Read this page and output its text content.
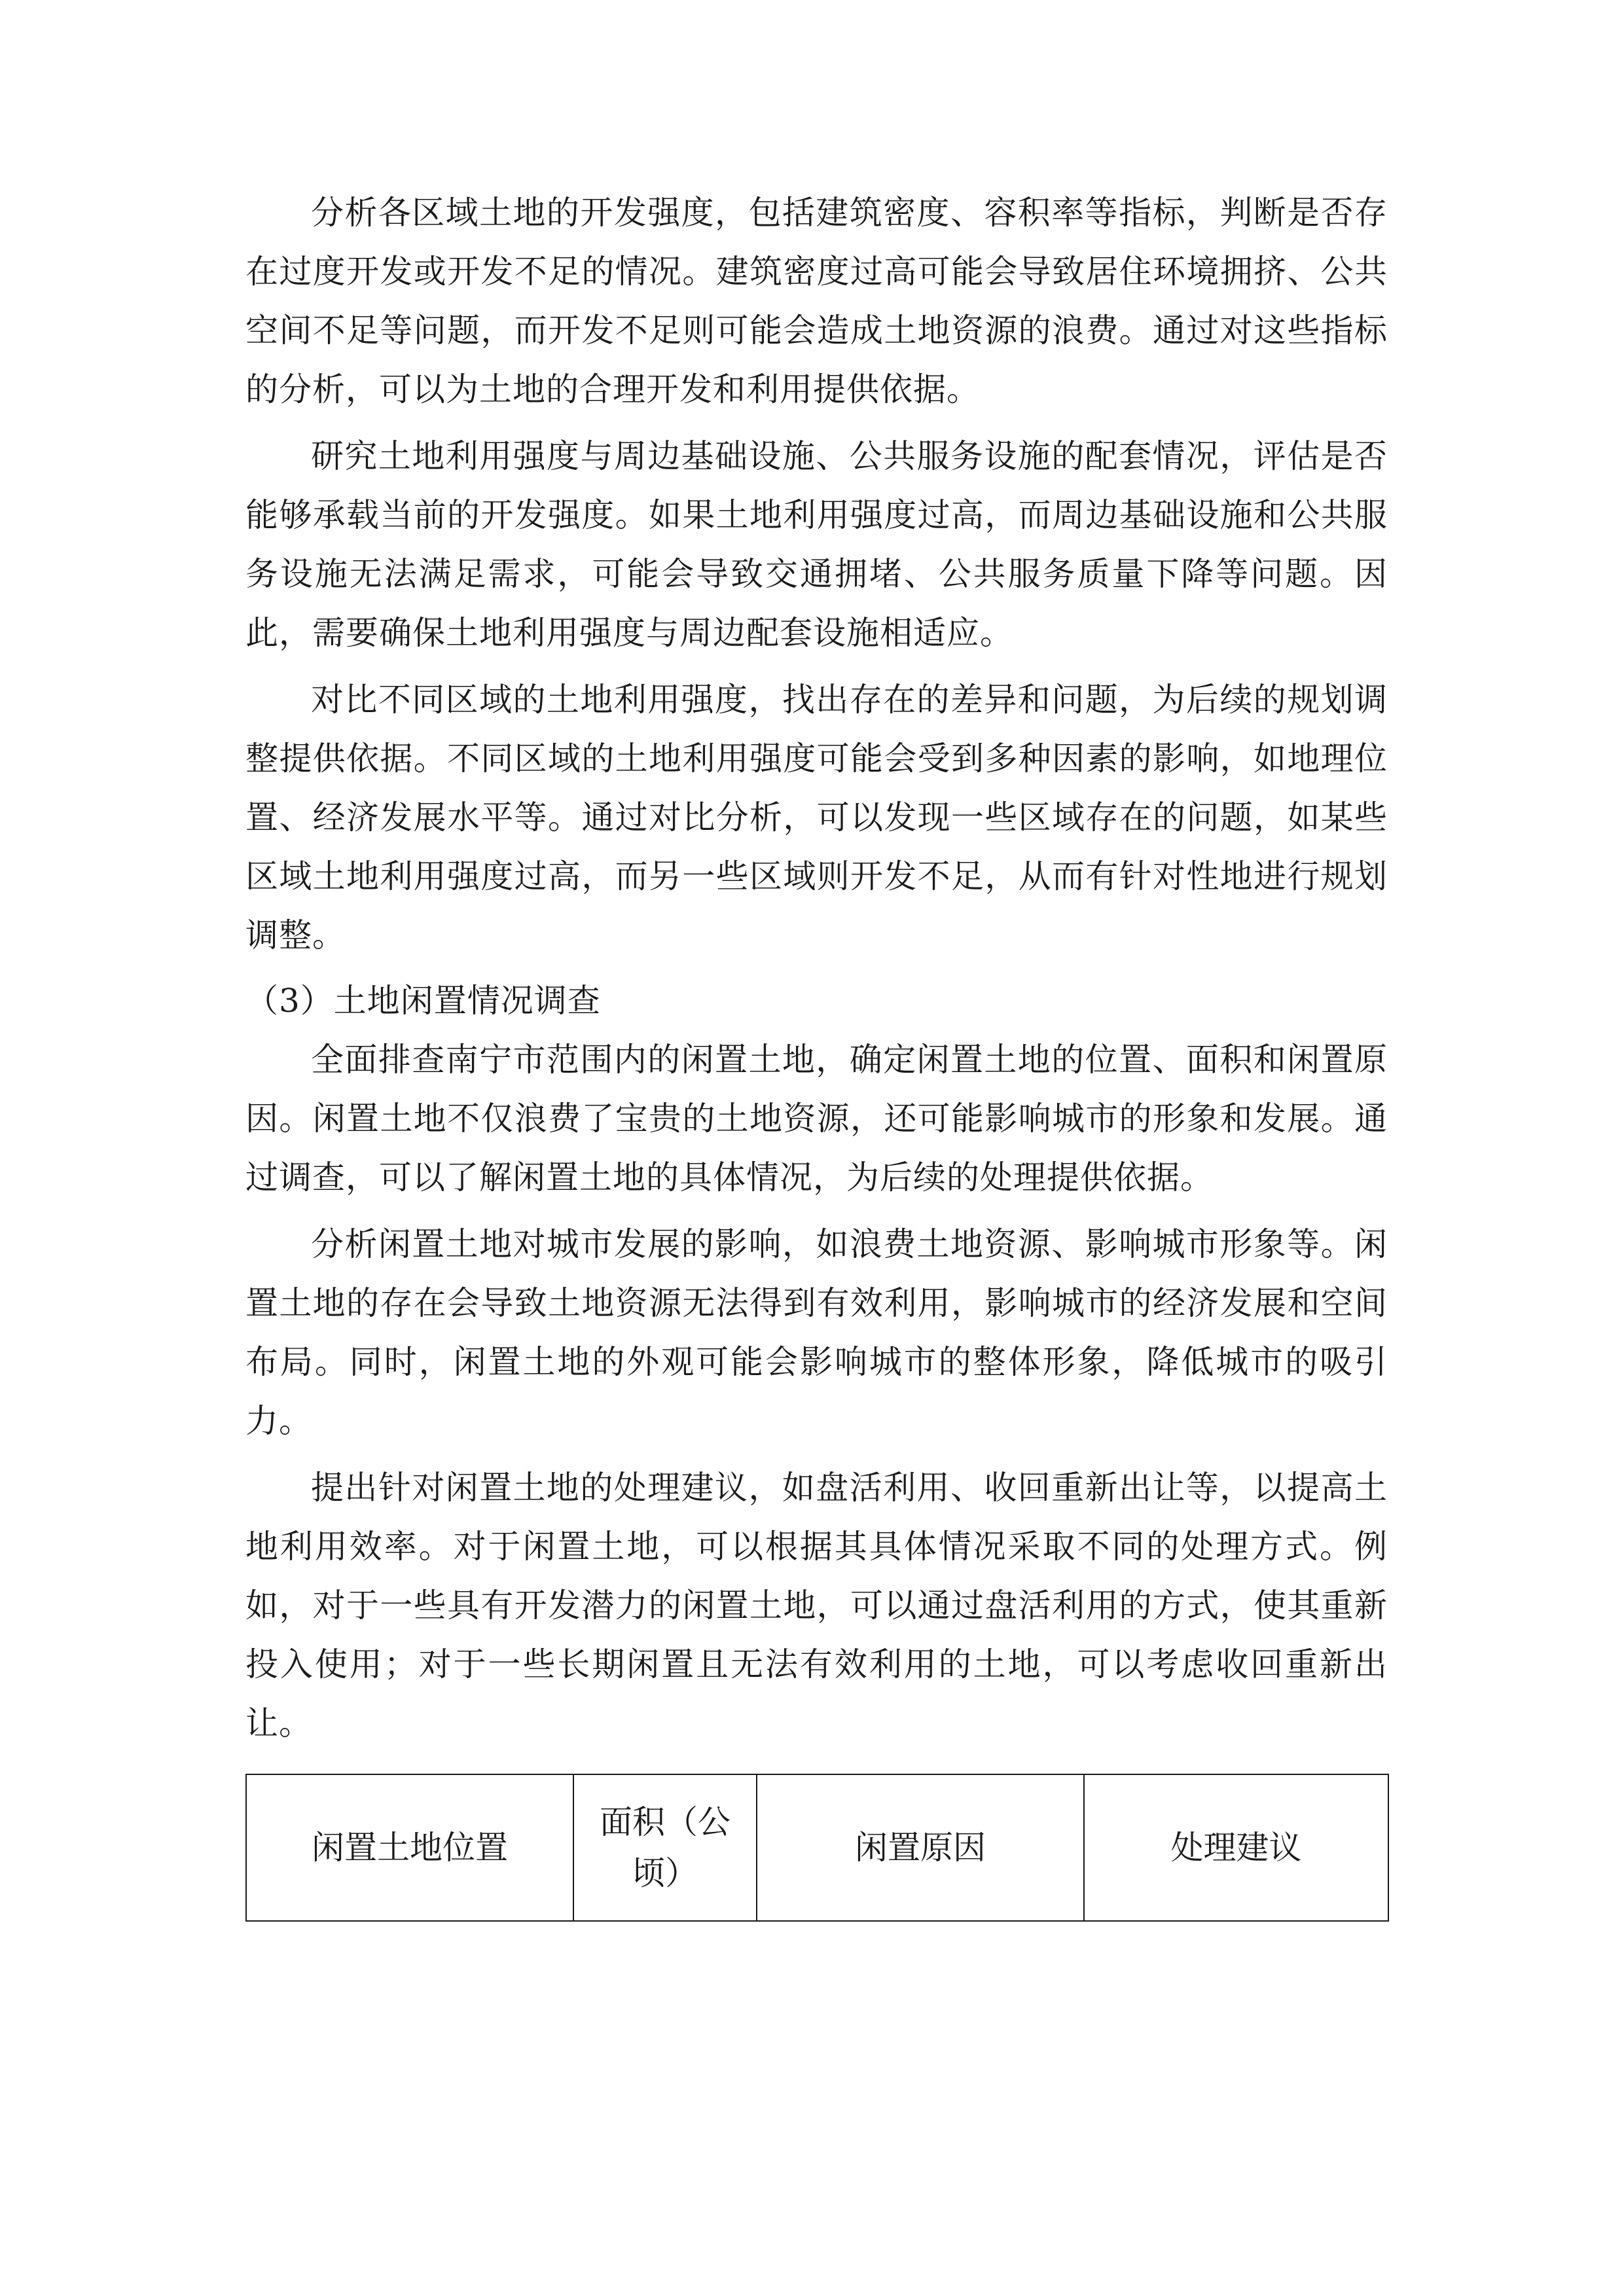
分析各区域土地的开发强度，包括建筑密度、容积率等指标，判断是否存在过度开发或开发不足的情况。建筑密度过高可能会导致居住环境拥挤、公共空间不足等问题，而开发不足则可能会造成土地资源的浪费。通过对这些指标的分析，可以为土地的合理开发和利用提供依据。

研究土地利用强度与周边基础设施、公共服务设施的配套情况，评估是否能够承载当前的开发强度。如果土地利用强度过高，而周边基础设施和公共服务设施无法满足需求，可能会导致交通拥堵、公共服务质量下降等问题。因此，需要确保土地利用强度与周边配套设施相适应。

对比不同区域的土地利用强度，找出存在的差异和问题，为后续的规划调整提供依据。不同区域的土地利用强度可能会受到多种因素的影响，如地理位置、经济发展水平等。通过对比分析，可以发现一些区域存在的问题，如某些区域土地利用强度过高，而另一些区域则开发不足，从而有针对性地进行规划调整。

（3）土地闲置情况调查

全面排查南宁市范围内的闲置土地，确定闲置土地的位置、面积和闲置原因。闲置土地不仅浪费了宝贵的土地资源，还可能影响城市的形象和发展。通过调查，可以了解闲置土地的具体情况，为后续的处理提供依据。

分析闲置土地对城市发展的影响，如浪费土地资源、影响城市形象等。闲置土地的存在会导致土地资源无法得到有效利用，影响城市的经济发展和空间布局。同时，闲置土地的外观可能会影响城市的整体形象，降低城市的吸引力。

提出针对闲置土地的处理建议，如盘活利用、收回重新出让等，以提高土地利用效率。对于闲置土地，可以根据其具体情况采取不同的处理方式。例如，对于一些具有开发潜力的闲置土地，可以通过盘活利用的方式，使其重新投入使用；对于一些长期闲置且无法有效利用的土地，可以考虑收回重新出让。

闲置土地位置	面积（公顷）	闲置原因	处理建议
